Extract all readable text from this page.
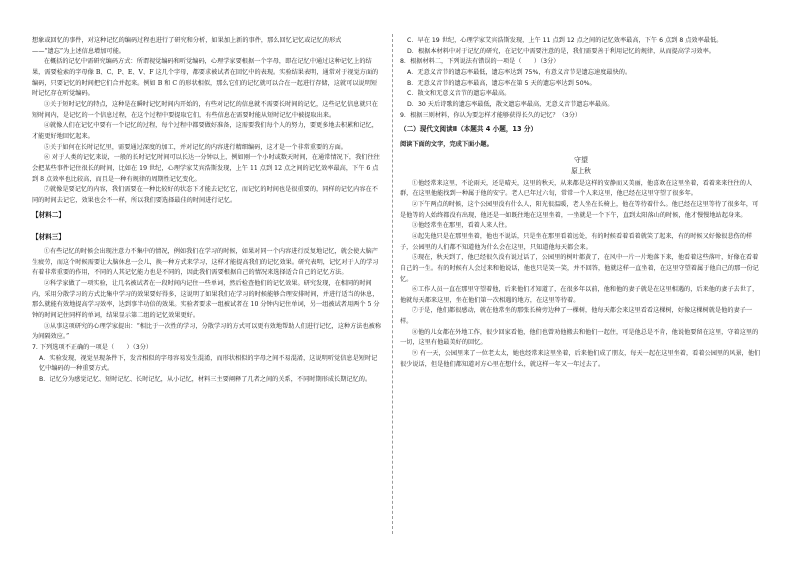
想象或回忆的事件，对这种记忆的编码过程也进行了研究和分析，如果加上新的事件，那么回忆记忆或记忆的形式

——“遗忘”为上述信息增加可能。

在概括的记忆中需研究编码方式：所谓视觉编码和听觉编码，心理学家要根据一个字母，即在记忆中通过这种记忆上的结果，需要检索的字母像 B、C、P、E、V、F 这几个字母，都要求被试者在回忆中的表现。实验结果表明，通常对于视觉方面的编码，只要记忆的时间把它们合并起来。例如 B 和 C 的形状相似，那么它们的记忆就可以合在一起进行存储，这就可以说明短时记忆存在听觉编码。

③关于短时记忆的特点，这种是在瞬时记忆时间内开始的，有些对记忆的信息就不需要长时间的记忆，这些记忆信息就只在短时间内，是记忆的一个信息过程，在这个过程中要提取它们，有些信息在需要时能从短时记忆中被提取出来。

④就像人们在记忆中要有一个记忆的过程，每个过程中都要做好准备，这需要我们每个人的努力，要更多地去积累和记忆，才能更好地回忆起来。

⑤关于如何在长时记忆里，需要通过深度的加工，并对记忆的内容进行精细编码，这才是一个非常重要的方面。

⑥ 对于人类的记忆来说，一般的长时记忆时间可以长达一分钟以上，例如刚一个小时或数天时间，在通常情况下，我们往往会把某些事件记住很长的时间，比如在 19 世纪，心理学家艾宾浩斯发现，上午 11 点到 12 点之间的记忆效率最高，下午 6 点到 8 点效率也比较高，而且是一种有规律的周期性记忆变化。

⑦就像是要记忆的内容，我们需要在一种比较好的状态下才能去记忆它，而记忆的时间也是很重要的，同样的记忆内容在不同的时间去记它，效果也会不一样，所以我们要选择最佳的时间进行记忆。

【材料二】

【材料三】

①有些记忆的时候会出现注意力不集中的情况，例如我们在学习的时候，如果对同一个内容进行反复地记忆，就会使大脑产生疲劳，而这个时候需要让大脑休息一会儿，换一种方式来学习，这样才能提高我们的记忆效果。研究表明，记忆对于人的学习有着非常重要的作用，不同的人其记忆能力也是不同的，因此我们需要根据自己的情况来选择适合自己的记忆方法。

②科学家做了一项实验，让几名被试者在一段时间内记住一些单词，然后检查他们的记忆效果。研究发现，在相同的时间内，采用分散学习的方式比集中学习的效果要好得多，这说明了如果我们在学习的时候能够合理安排时间，并进行适当的休息，那么就能有效地提高学习效率，达到事半功倍的效果。实验者要求一组被试者在 10 分钟内记住单词，另一组被试者用两个 5 分钟的时间记住同样的单词，结果显示第二组的记忆效果更好。

③从事这项研究的心理学家提出：“相比于一次性的学习，分散学习的方式可以更有效地帮助人们进行记忆，这种方法也被称为间隔效应。”

7. 下列选项不正确的一项是（　　）（3分）

A．实验发现，视觉呈现条件下，发音相似的字母容易发生混淆，而形状相似的字母之间不易混淆，这说明听觉信息是短时记忆中编码的一种重要方式。

B．记忆分为感觉记忆、短时记忆、长时记忆，从小记忆，材料三主要阐释了几者之间的关系，不同时期形成长期记忆的。

C．早在 19 世纪，心理学家艾宾浩斯发现，上午 11 点到 12 点之间的记忆效率最高，下午 6 点到 8 点效率最低。

D．根据本材料中对于记忆的研究，在记忆中需要注意的是，我们需要善于利用记忆的规律，从而提高学习效率。

8．根据材料二，下列说法有错误的一项是（　　）（3分）

A．无意义音节的遗忘率最低，遗忘率达到 75%，有意义音节是遗忘速度最快的。

B．无意义音节的遗忘率最高，遗忘率在第 5 天的遗忘率达到 50%。

C．散文和无意义音节的遗忘率最高。

D．30 天后诗歌的遗忘率最低，散文遗忘率最高，无意义音节遗忘率最高。

9．根据三则材料，你认为要怎样才能够获得长久的记忆？（3分）

（二）现代文阅读Ⅱ（本题共 4 小题，13 分）

阅读下面的文字，完成下面小题。

守望

原上秋

①他经常来这里，不论雨天，还是晴天，这里的秋天，从来都是这样的安静而又美丽，他喜欢在这里坐着，看着来来往往的人群，在这里他能找到一种属于他的安宁。老人已年过六旬，常常一个人来这里，他已经在这里守望了很多年。

②下午两点的时候，这个公园里没有什么人，阳光很温暖，老人坐在长椅上，他在等待着什么。他已经在这里等待了很多年，可是他等的人始终都没有出现，他还是一如既往地在这里坐着，一坐就是一个下午，直到太阳落山的时候，他才慢慢地站起身来。

③他经常坐在那里，看着人来人往。

④起先他只是在那里坐着，他也不说话，只是坐在那里看着远处，有的时候看着看着就笑了起来，有的时候又好像很悲伤的样子，公园里的人们都不知道他为什么会在这里，只知道他每天都会来。

⑤现在，秋天到了，他已经很久没有说过话了，公园里的树叶都黄了，在风中一片一片地落下来，他看着这些落叶，好像在看着自己的一生。有的时候有人会过来和他说话，他也只是笑一笑，并不回答，他就这样一直坐着，在这里守望着属于他自己的那一份记忆。

⑥工作人员一直在那里守望着他，后来他们才知道了，在很多年以前，他和他的妻子就是在这里相遇的，后来他的妻子去世了，他就每天都来这里，坐在他们第一次相遇的地方，在这里等待着。

⑦于是，他们都很感动，就在他常坐的那张长椅旁边种了一棵树，他每天都会来这里看看这棵树，好像这棵树就是他的妻子一样。

⑧他的儿女都在外地工作，很少回家看他，他们也曾劝他搬去和他们一起住，可是他总是不肯，他说他要留在这里，守着这里的一切，这里有他最美好的回忆。

⑨ 有一天，公园里来了一位老太太，她也经常来这里坐着，后来他们成了朋友，每天一起在这里坐着，看着公园里的风景，他们很少说话，但是他们都知道对方心里在想什么，就这样一年又一年过去了。
